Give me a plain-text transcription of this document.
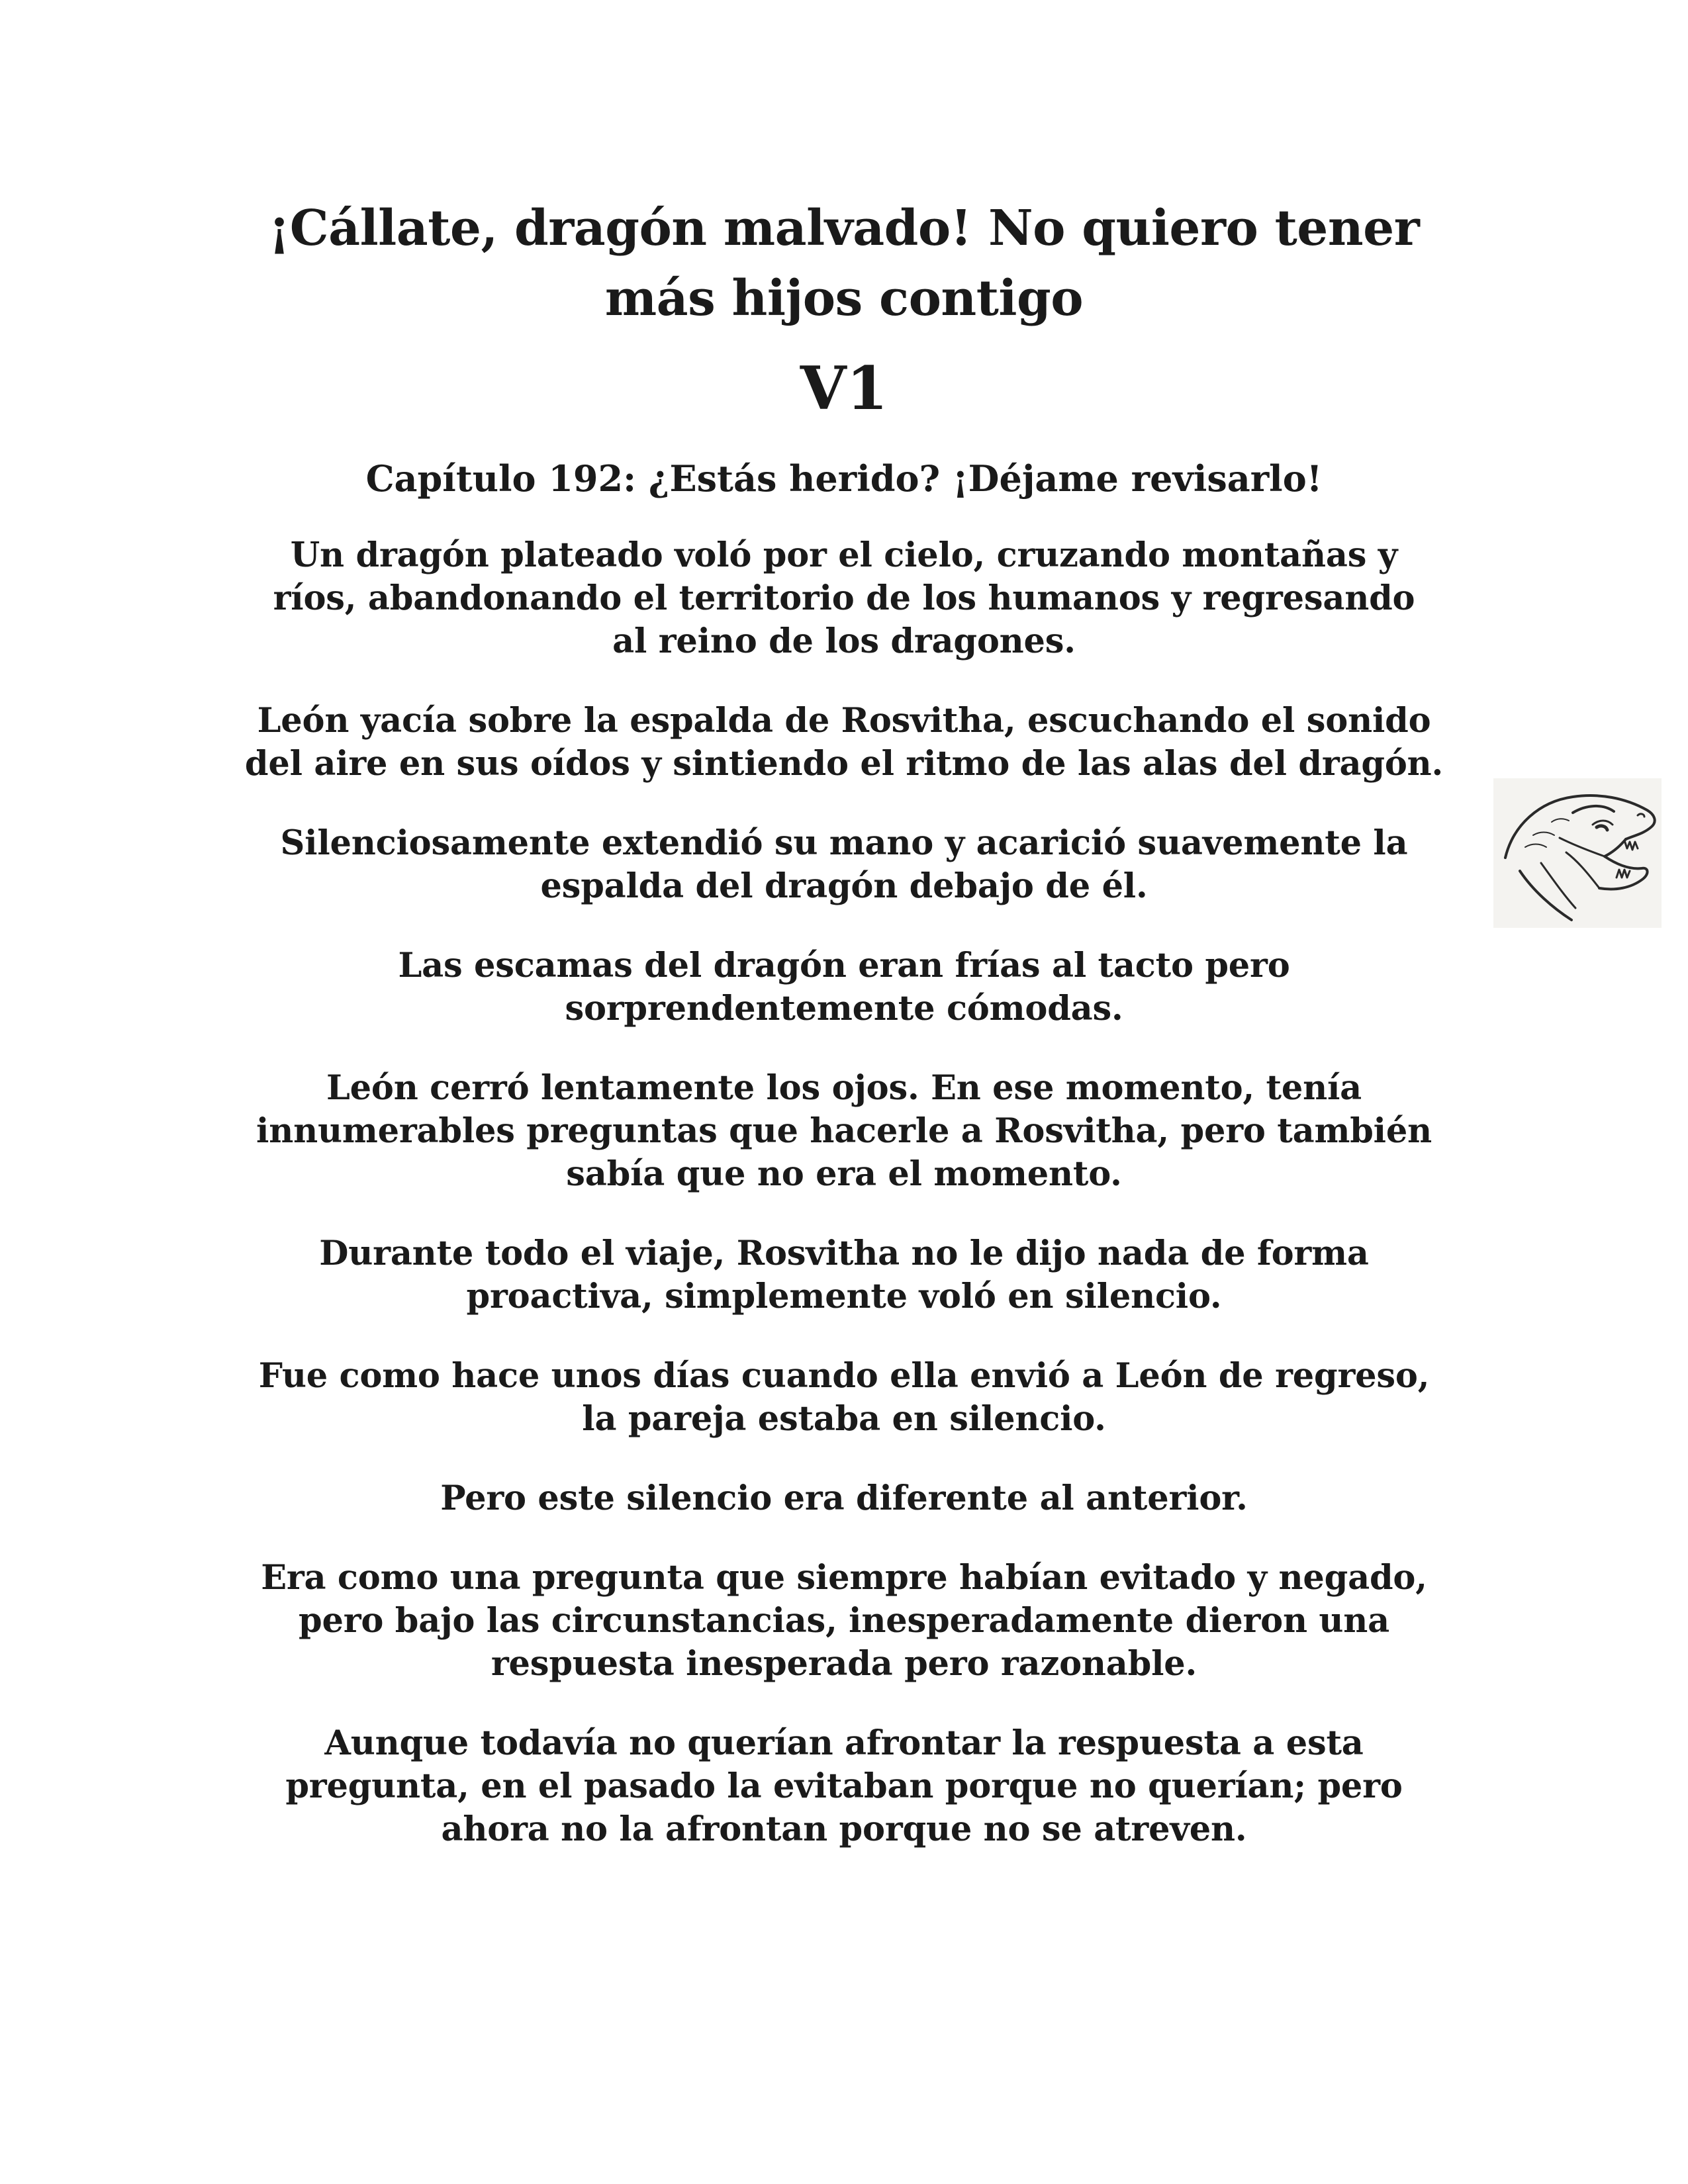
¡Cállate, dragón malvado! No quiero tener
más hijos contigo
V1
Capítulo 192: ¿Estás herido? ¡Déjame revisarlo!

Un dragón plateado voló por el cielo, cruzando montañas y
ríos, abandonando el territorio de los humanos y regresando
al reino de los dragones.

León yacía sobre la espalda de Rosvitha, escuchando el sonido
del aire en sus oídos y sintiendo el ritmo de las alas del dragón.

Silenciosamente extendió su mano y acarició suavemente la
espalda del dragón debajo de él.

Las escamas del dragón eran frías al tacto pero
sorprendentemente cómodas.

León cerró lentamente los ojos. En ese momento, tenía
innumerables preguntas que hacerle a Rosvitha, pero también
sabía que no era el momento.

Durante todo el viaje, Rosvitha no le dijo nada de forma
proactiva, simplemente voló en silencio.

Fue como hace unos días cuando ella envió a León de regreso,
la pareja estaba en silencio.

Pero este silencio era diferente al anterior.

Era como una pregunta que siempre habían evitado y negado,
pero bajo las circunstancias, inesperadamente dieron una
respuesta inesperada pero razonable.

Aunque todavía no querían afrontar la respuesta a esta
pregunta, en el pasado la evitaban porque no querían; pero
ahora no la afrontan porque no se atreven.
